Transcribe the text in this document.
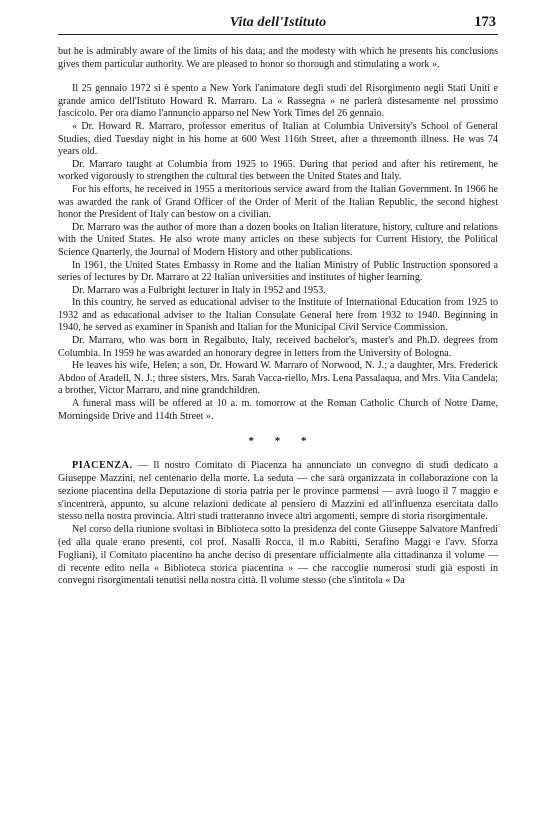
Vita dell'Istituto	173

but he is admirably aware of the limits of his data; and the modesty with which he presents his conclusions gives them particular authority. We are pleased to honor so thorough and stimulating a work ».

Il 25 gennaio 1972 si è spento a New York l'animatore degli studi del Risorgimento negli Stati Uniti e grande amico dell'Istituto Howard R. Marraro. La « Rassegna » ne parlerà distesamente nel prossimo fascicolo. Per ora diamo l'annuncio apparso nel New York Times del 26 gennaio.

« Dr. Howard R. Marraro, professor emeritus of Italian at Columbia University's School of General Studies, died Tuesday night in his home at 600 West 116th Street, after a threemonth illness. He was 74 years old.

Dr. Marraro taught at Columbia from 1925 to 1965. During that period and after his retirement, he worked vigorously to strengthen the cultural ties between the United States and Italy.

For his efforts, he received in 1955 a meritorious service award from the Italian Government. In 1966 he was awarded the rank of Grand Officer of the Order of Merit of the Italian Republic, the second highest honor the President of Italy can bestow on a civilian.

Dr. Marraro was the author of more than a dozen books on Italian literature, history, culture and relations with the United States. He also wrote many articles on these subjects for Current History, the Political Science Quarterly, the Journal of Modern History and other publications.

In 1961, the United States Embassy in Rome and the Italian Ministry of Public Instruction sponsored a series of lectures by Dr. Marraro at 22 Italian universities and institutes of higher learning.

Dr. Marraro was a Fulbright lecturer in Italy in 1952 and 1953.

In this country, he served as educational adviser to the Institute of International Education from 1925 to 1932 and as educational adviser to the Italian Consulate General here from 1932 to 1940. Beginning in 1940, he served as examiner in Spanish and Italian for the Municipal Civil Service Commission.

Dr. Marraro, who was born in Regalbuto, Italy, received bachelor's, master's and Ph.D. degrees from Columbia. In 1959 he was awarded an honorary degree in letters from the University of Bologna.

He leaves his wife, Helen; a son, Dr. Howard W. Marraro of Norwood, N. J.; a daughter, Mrs. Frederick Abdoo of Aradell, N. J.; three sisters, Mrs. Sarah Vacca-riello, Mrs. Lena Passalaqua, and Mrs. Vita Candela; a brother, Victor Marraro, and nine grandchildren.

A funeral mass will be offered at 10 a. m. tomorrow at the Roman Catholic Church of Notre Dame, Morningside Drive and 114th Street ».

* * *

PIACENZA. — Il nostro Comitato di Piacenza ha annunciato un convegno di studi dedicato a Giuseppe Mazzini, nel centenario della morte. La seduta — che sarà organizzata in collaborazione con la sezione piacentina della Deputazione di storia patria per le province parmensi — avrà luogo il 7 maggio e s'incentrerà, appunto, su alcune relazioni dedicate al pensiero di Mazzini ed all'influenza esercitata dallo stesso nella nostra provincia. Altri studi tratteranno invece altri argomenti, sempre di storia risorgimentale.

Nel corso della riunione svoltasi in Biblioteca sotto la presidenza del conte Giuseppe Salvatore Manfredi (ed alla quale erano presenti, col prof. Nasalli Rocca, il m.o Rabitti, Serafino Maggi e l'avv. Sforza Fogliani), il Comitato piacentino ha anche deciso di presentare ufficialmente alla cittadinanza il volume — di recente edito nella « Biblioteca storica piacentina » — che raccoglie numerosi studi già esposti in convegni risorgimentali tenutisi nella nostra città. Il volume stesso (che s'intitola « Da
